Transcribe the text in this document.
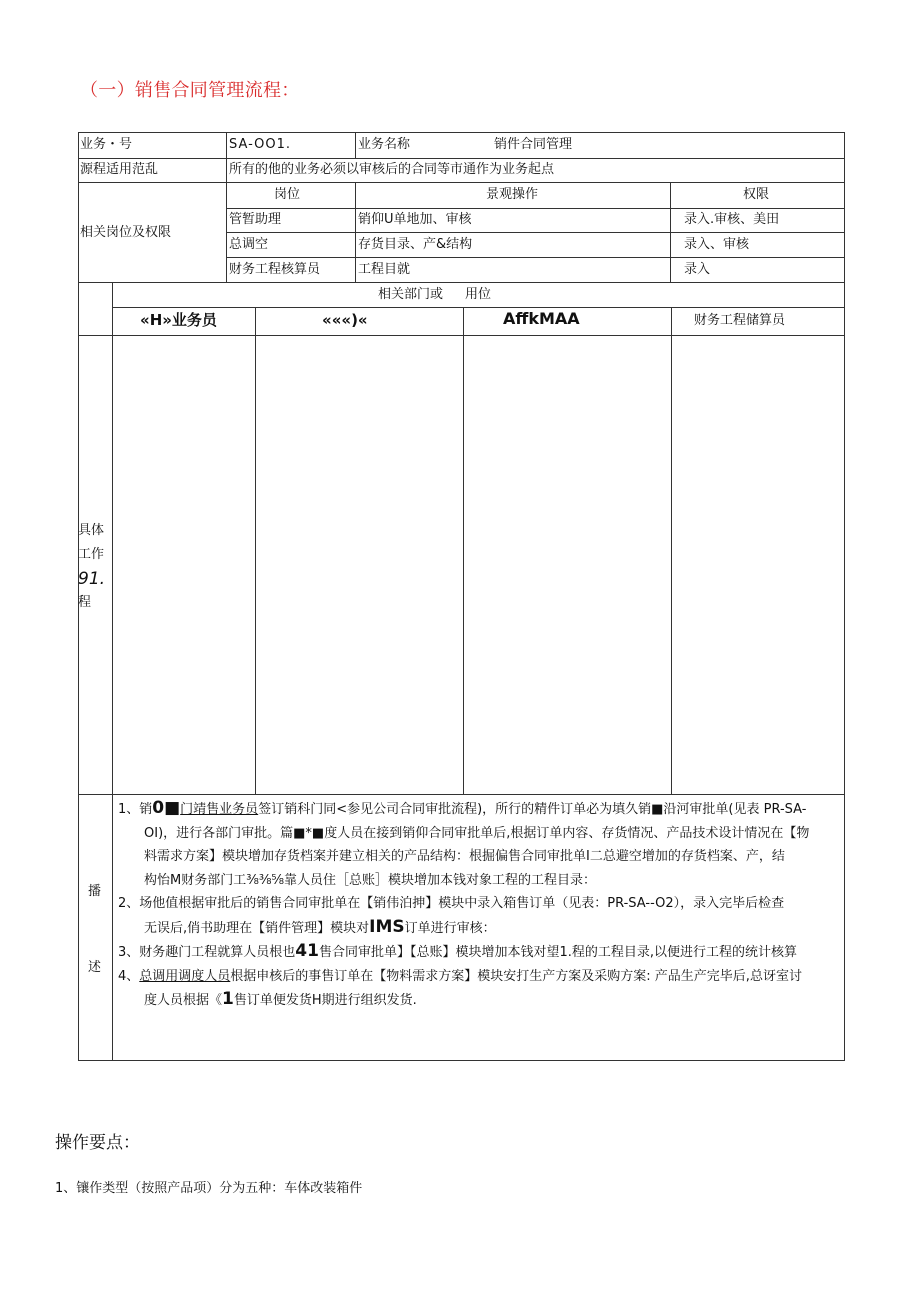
（一）销售合同管理流程：
业务・号	SA-OO1.	业务名称	销件合同管理
源程适用范乱	所有的他的业务必须以审核后的合同等市通作为业务起点
相关岗位及权限
岗位	景观操作	权限
管暂助理	销仰U单地加、审核	录入.审核、美田
总调空	存货目录、产&结构	录入、审核
财务工程核算员	工程目就	录入
相关部门或 用位
«H»业务员	«««)«	AffkMAA	财务工程储算员
具体
工作
91.
程
播
述

1、销0■门靖售业务员签订销科门同<参见公司合同审批流程)，所行的精件订单必为填久销■沿河审批单(见表 PR-SA-

OI)，进行各部门审批。篇■*■度人员在接到销仰合同审批单后,根据订单内容、存货情况、产品技术设计情况在【物

料需求方案】模块增加存货档案并建立相关的产品结构：根掘偏售合同审批单I二总避空增加的存货档案、产，结

构怡M财务部门工⅜⅜⅝靠人员住［总账］模块增加本钱对象工程的工程目录：

2、场他值根据审批后的销售合同审批单在【销伟泊抻】模块中录入箱售订单（见表：PR-SA--O2），录入完毕后检查

无误后,俏书助理在【销件管理】模块对IMS订单进行审核：

3、财务趣门工程就算人员根也41售合同审批单】【总账】模块增加本钱对望1.程的工程目录,以便进行工程的统计核算

4、总调用调度人员根据申核后的事售订单在【物料需求方案】模块安打生产方案及采购方案: 产品生产完毕后,总讶室讨

度人员根据《1售订单便发货H期进行组织发货.

操作要点：
1、镶作类型（按照产品项）分为五种：车体改装箱件
